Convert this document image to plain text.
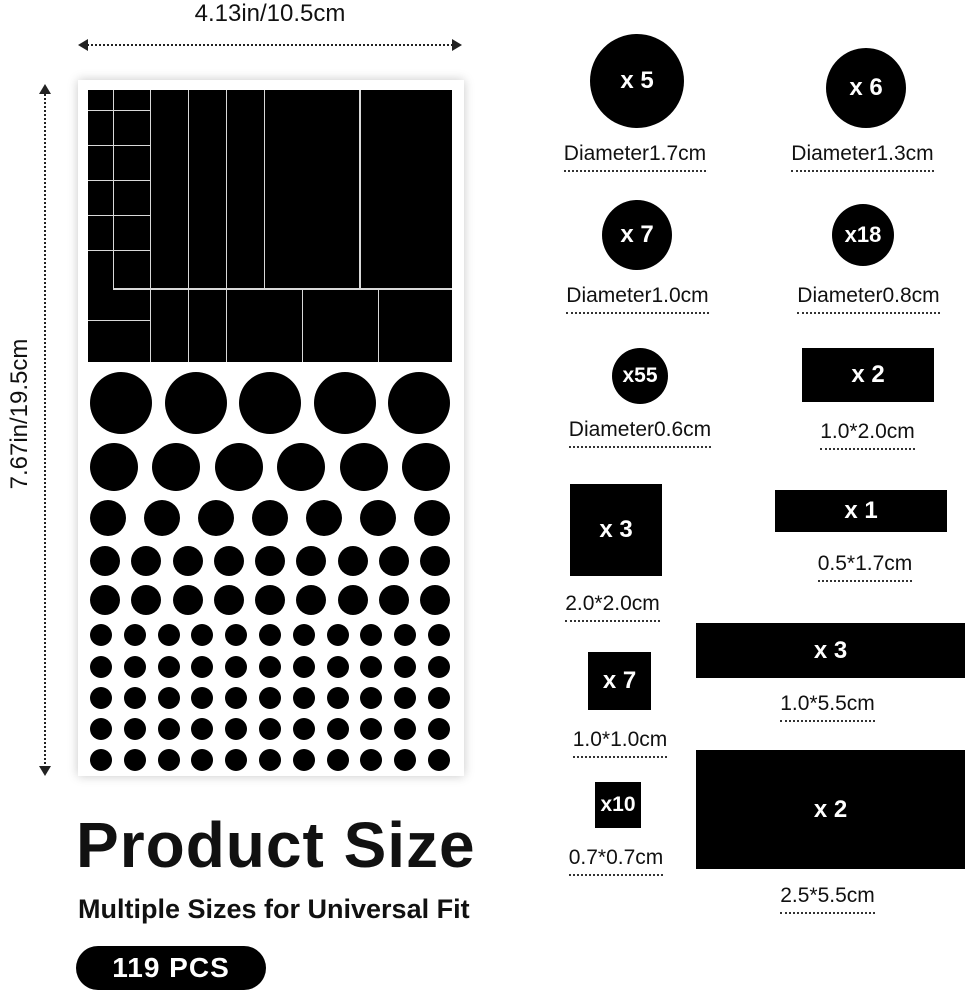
4.13in/10.5cm
7.67in/19.5cm
x 5
Diameter1.7cm
x 6
Diameter1.3cm
x 7
Diameter1.0cm
x18
Diameter0.8cm
x55
Diameter0.6cm
x 2
1.0*2.0cm
x 3
2.0*2.0cm
x 1
0.5*1.7cm
x 3
1.0*5.5cm
x 7
1.0*1.0cm
x10
0.7*0.7cm
x 2
2.5*5.5cm
Product Size
Multiple Sizes for Universal Fit
119 PCS
